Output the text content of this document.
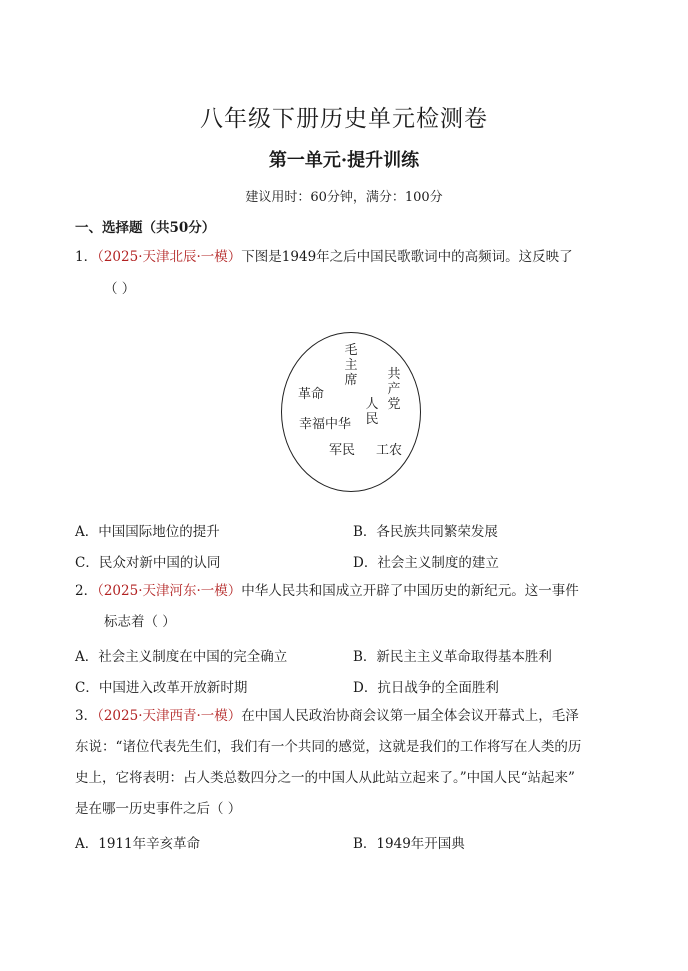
八年级下册历史单元检测卷
第一单元·提升训练
建议用时：60分钟，满分：100分
一、选择题（共50分）
1．（2025·天津北辰·一模）下图是1949年之后中国民歌歌词中的高频词。这反映了
（ ）
毛主席 共产党
革命
人民
幸福中华
军民 工农
A．中国国际地位的提升	B．各民族共同繁荣发展
C．民众对新中国的认同	D．社会主义制度的建立
2．（2025·天津河东·一模）中华人民共和国成立开辟了中国历史的新纪元。这一事件
标志着（ ）
A．社会主义制度在中国的完全确立	B．新民主主义革命取得基本胜利
C．中国进入改革开放新时期	D．抗日战争的全面胜利
3．（2025·天津西青·一模）在中国人民政治协商会议第一届全体会议开幕式上，毛泽
东说：“诸位代表先生们，我们有一个共同的感觉，这就是我们的工作将写在人类的历
史上，它将表明：占人类总数四分之一的中国人从此站立起来了。”中国人民“站起来”
是在哪一历史事件之后（ ）
A．1911年辛亥革命	B．1949年开国典
